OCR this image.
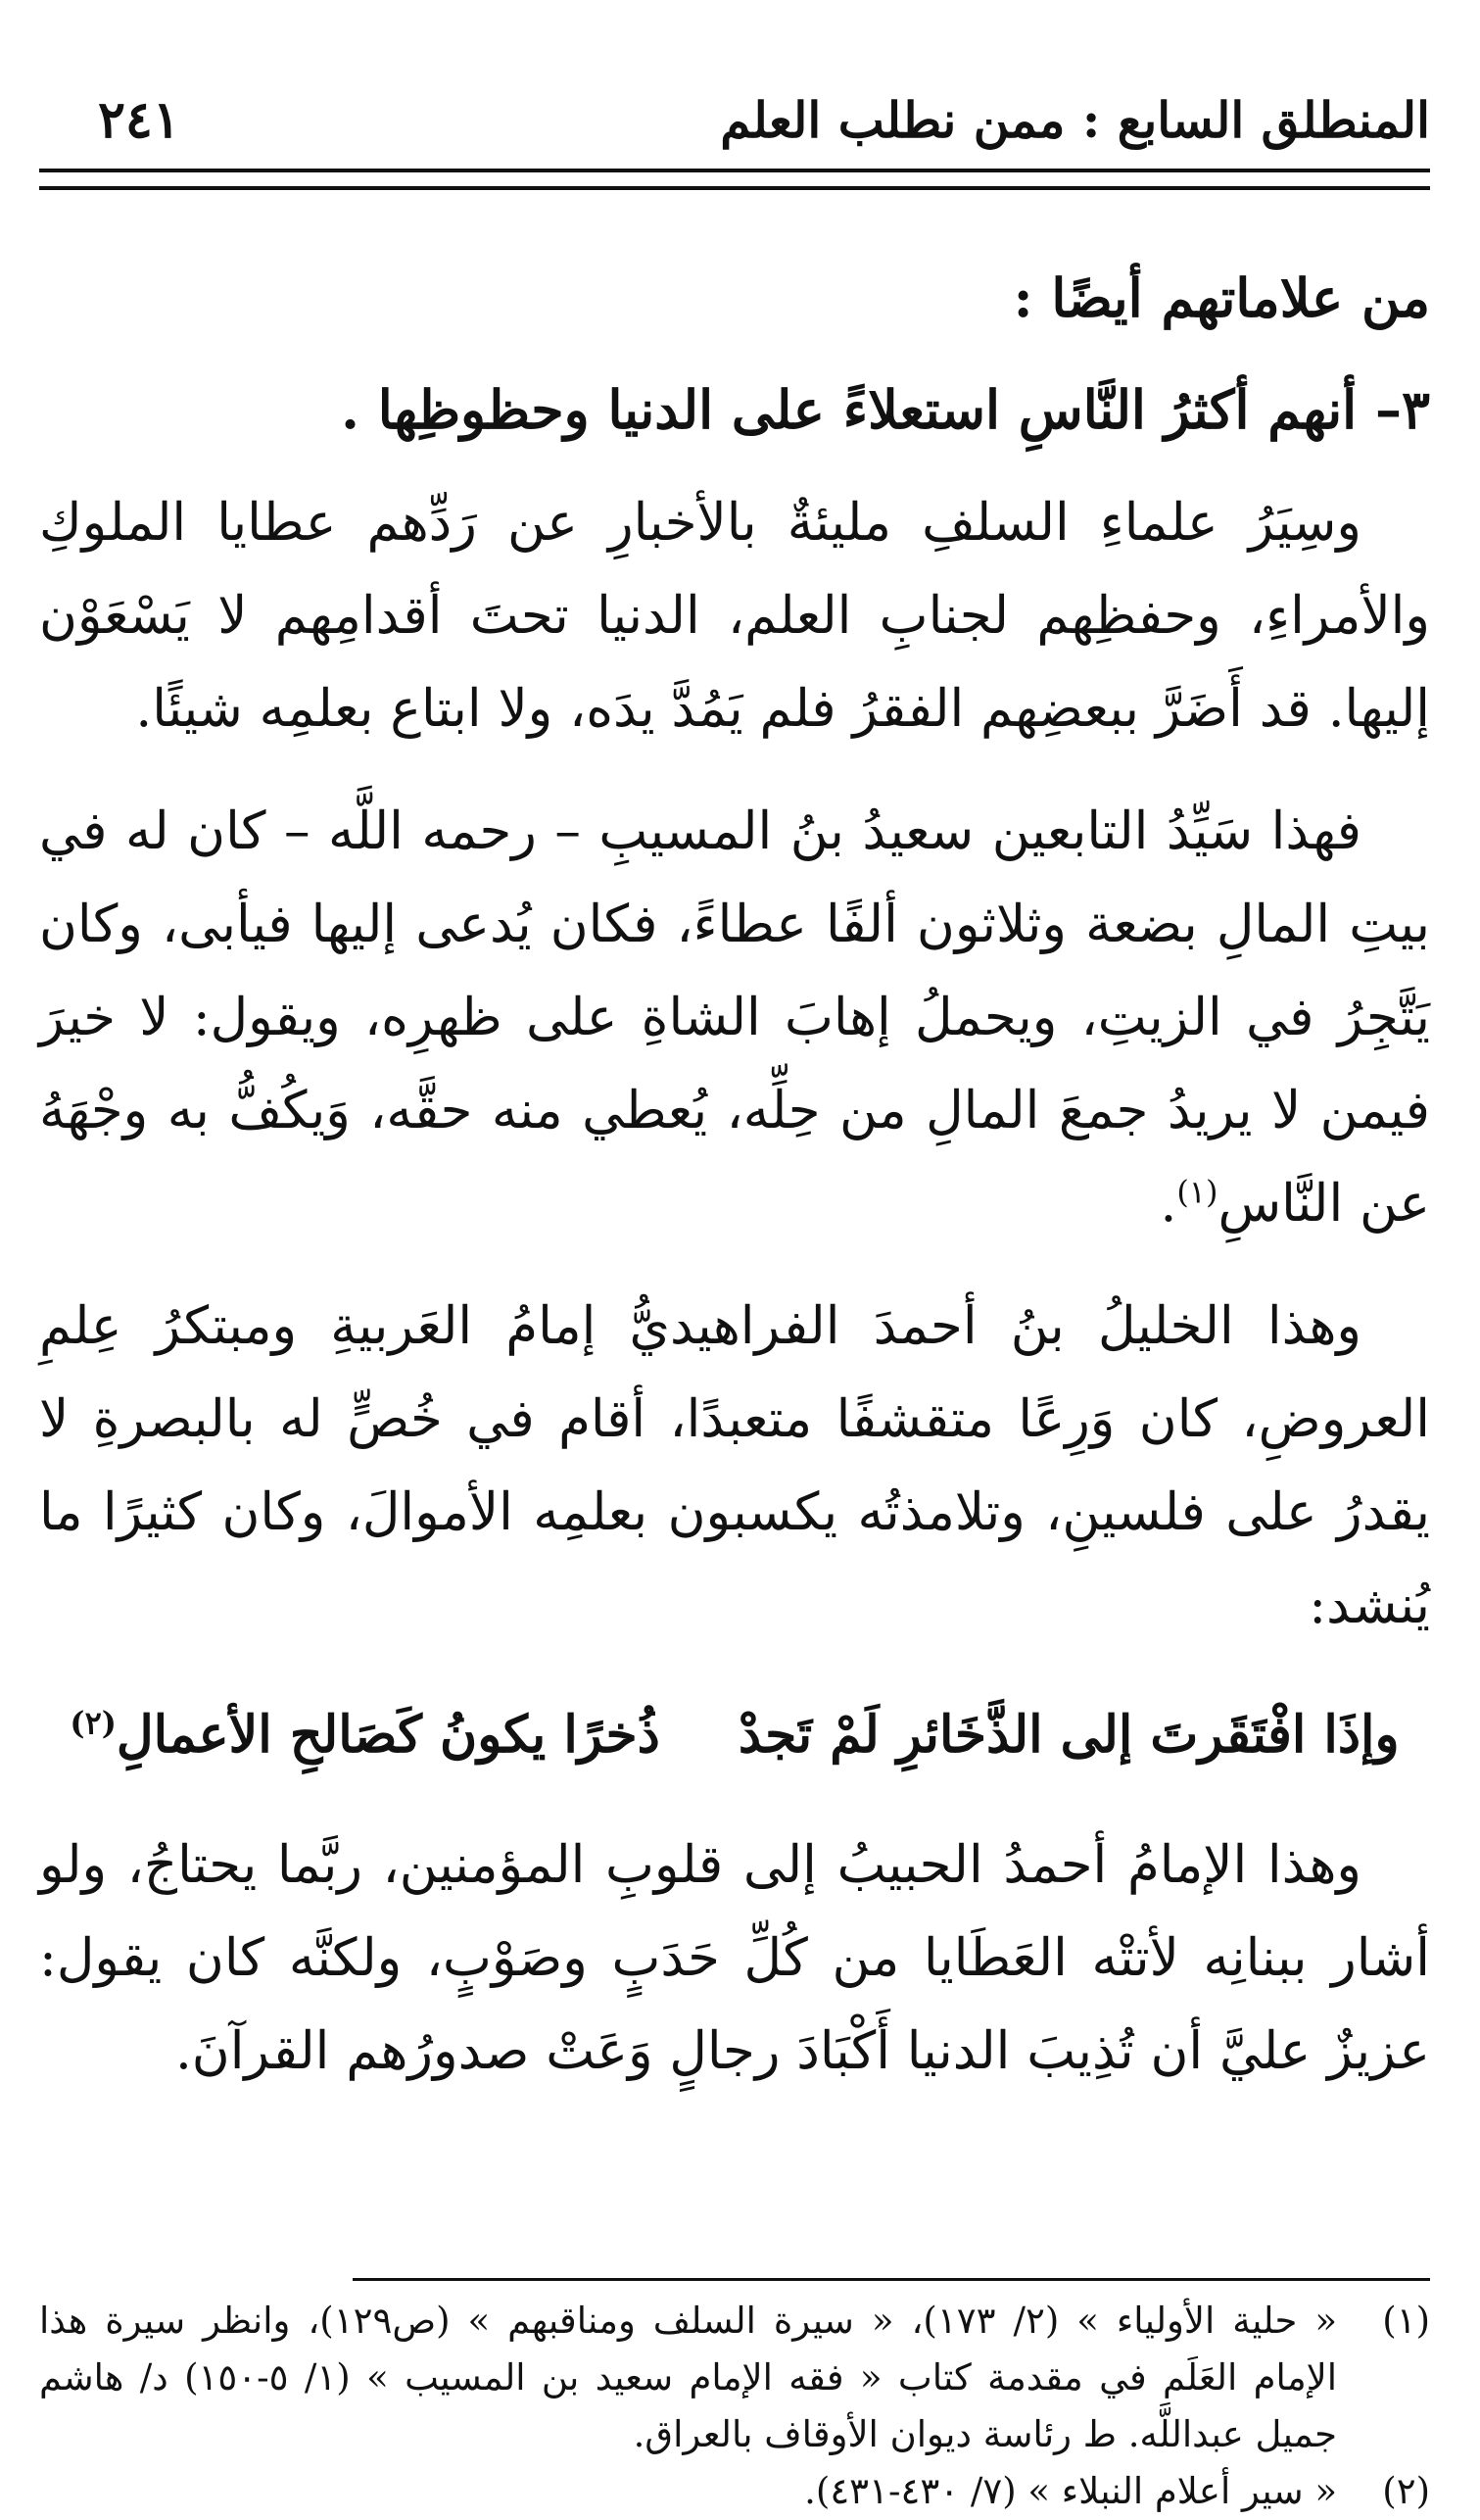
المنطلق السابع : ممن نطلب العلم
٢٤١

من علاماتهم أيضًا :

٣– أنهم أكثرُ النَّاسِ استعلاءً على الدنيا وحظوظِها .

وسِيَرُ علماءِ السلفِ مليئةٌ بالأخبارِ عن رَدِّهم عطايا الملوكِ والأمراءِ، وحفظِهم لجنابِ العلم، الدنيا تحتَ أقدامِهم لا يَسْعَوْن إليها. قد أَضَرَّ ببعضِهم الفقرُ فلم يَمُدَّ يدَه، ولا ابتاع بعلمِه شيئًا.

فهذا سَيِّدُ التابعين سعيدُ بنُ المسيبِ – رحمه اللَّه – كان له في بيتِ المالِ بضعة وثلاثون ألفًا عطاءً، فكان يُدعى إليها فيأبى، وكان يَتَّجِرُ في الزيتِ، ويحملُ إهابَ الشاةِ على ظهرِه، ويقول: لا خيرَ فيمن لا يريدُ جمعَ المالِ من حِلِّه، يُعطي منه حقَّه، وَيكُفُّ به وجْهَهُ عن النَّاسِ$^{(١)}$.

وهذا الخليلُ بنُ أحمدَ الفراهيديُّ إمامُ العَربيةِ ومبتكرُ عِلمِ العروضِ، كان وَرِعًا متقشفًا متعبدًا، أقام في خُصٍّ له بالبصرةِ لا يقدرُ على فلسينِ، وتلامذتُه يكسبون بعلمِه الأموالَ، وكان كثيرًا ما يُنشد:

وإذَا افْتَقَرتَ إلى الذَّخَائرِ لَمْ تَجدْ
ذُخرًا يكونُ كَصَالحِ الأعمالِ$^{(٢)}$

وهذا الإمامُ أحمدُ الحبيبُ إلى قلوبِ المؤمنين، ربَّما يحتاجُ، ولو أشار ببنانِه لأتتْه العَطَايا من كُلِّ حَدَبٍ وصَوْبٍ، ولكنَّه كان يقول: عزيزٌ عليَّ أن تُذِيبَ الدنيا أَكْبَادَ رجالٍ وَعَتْ صدورُهم القرآنَ.

(١)
« حلية الأولياء » (٢/ ١٧٣)، « سيرة السلف ومناقبهم » (ص١٢٩)، وانظر سيرة هذا الإمام العَلَم في مقدمة كتاب « فقه الإمام سعيد بن المسيب » (١/ ٥-١٥٠) د/ هاشم جميل عبداللَّه. ط رئاسة ديوان الأوقاف بالعراق.
(٢)
« سير أعلام النبلاء » (٧/ ٤٣٠-٤٣١).
